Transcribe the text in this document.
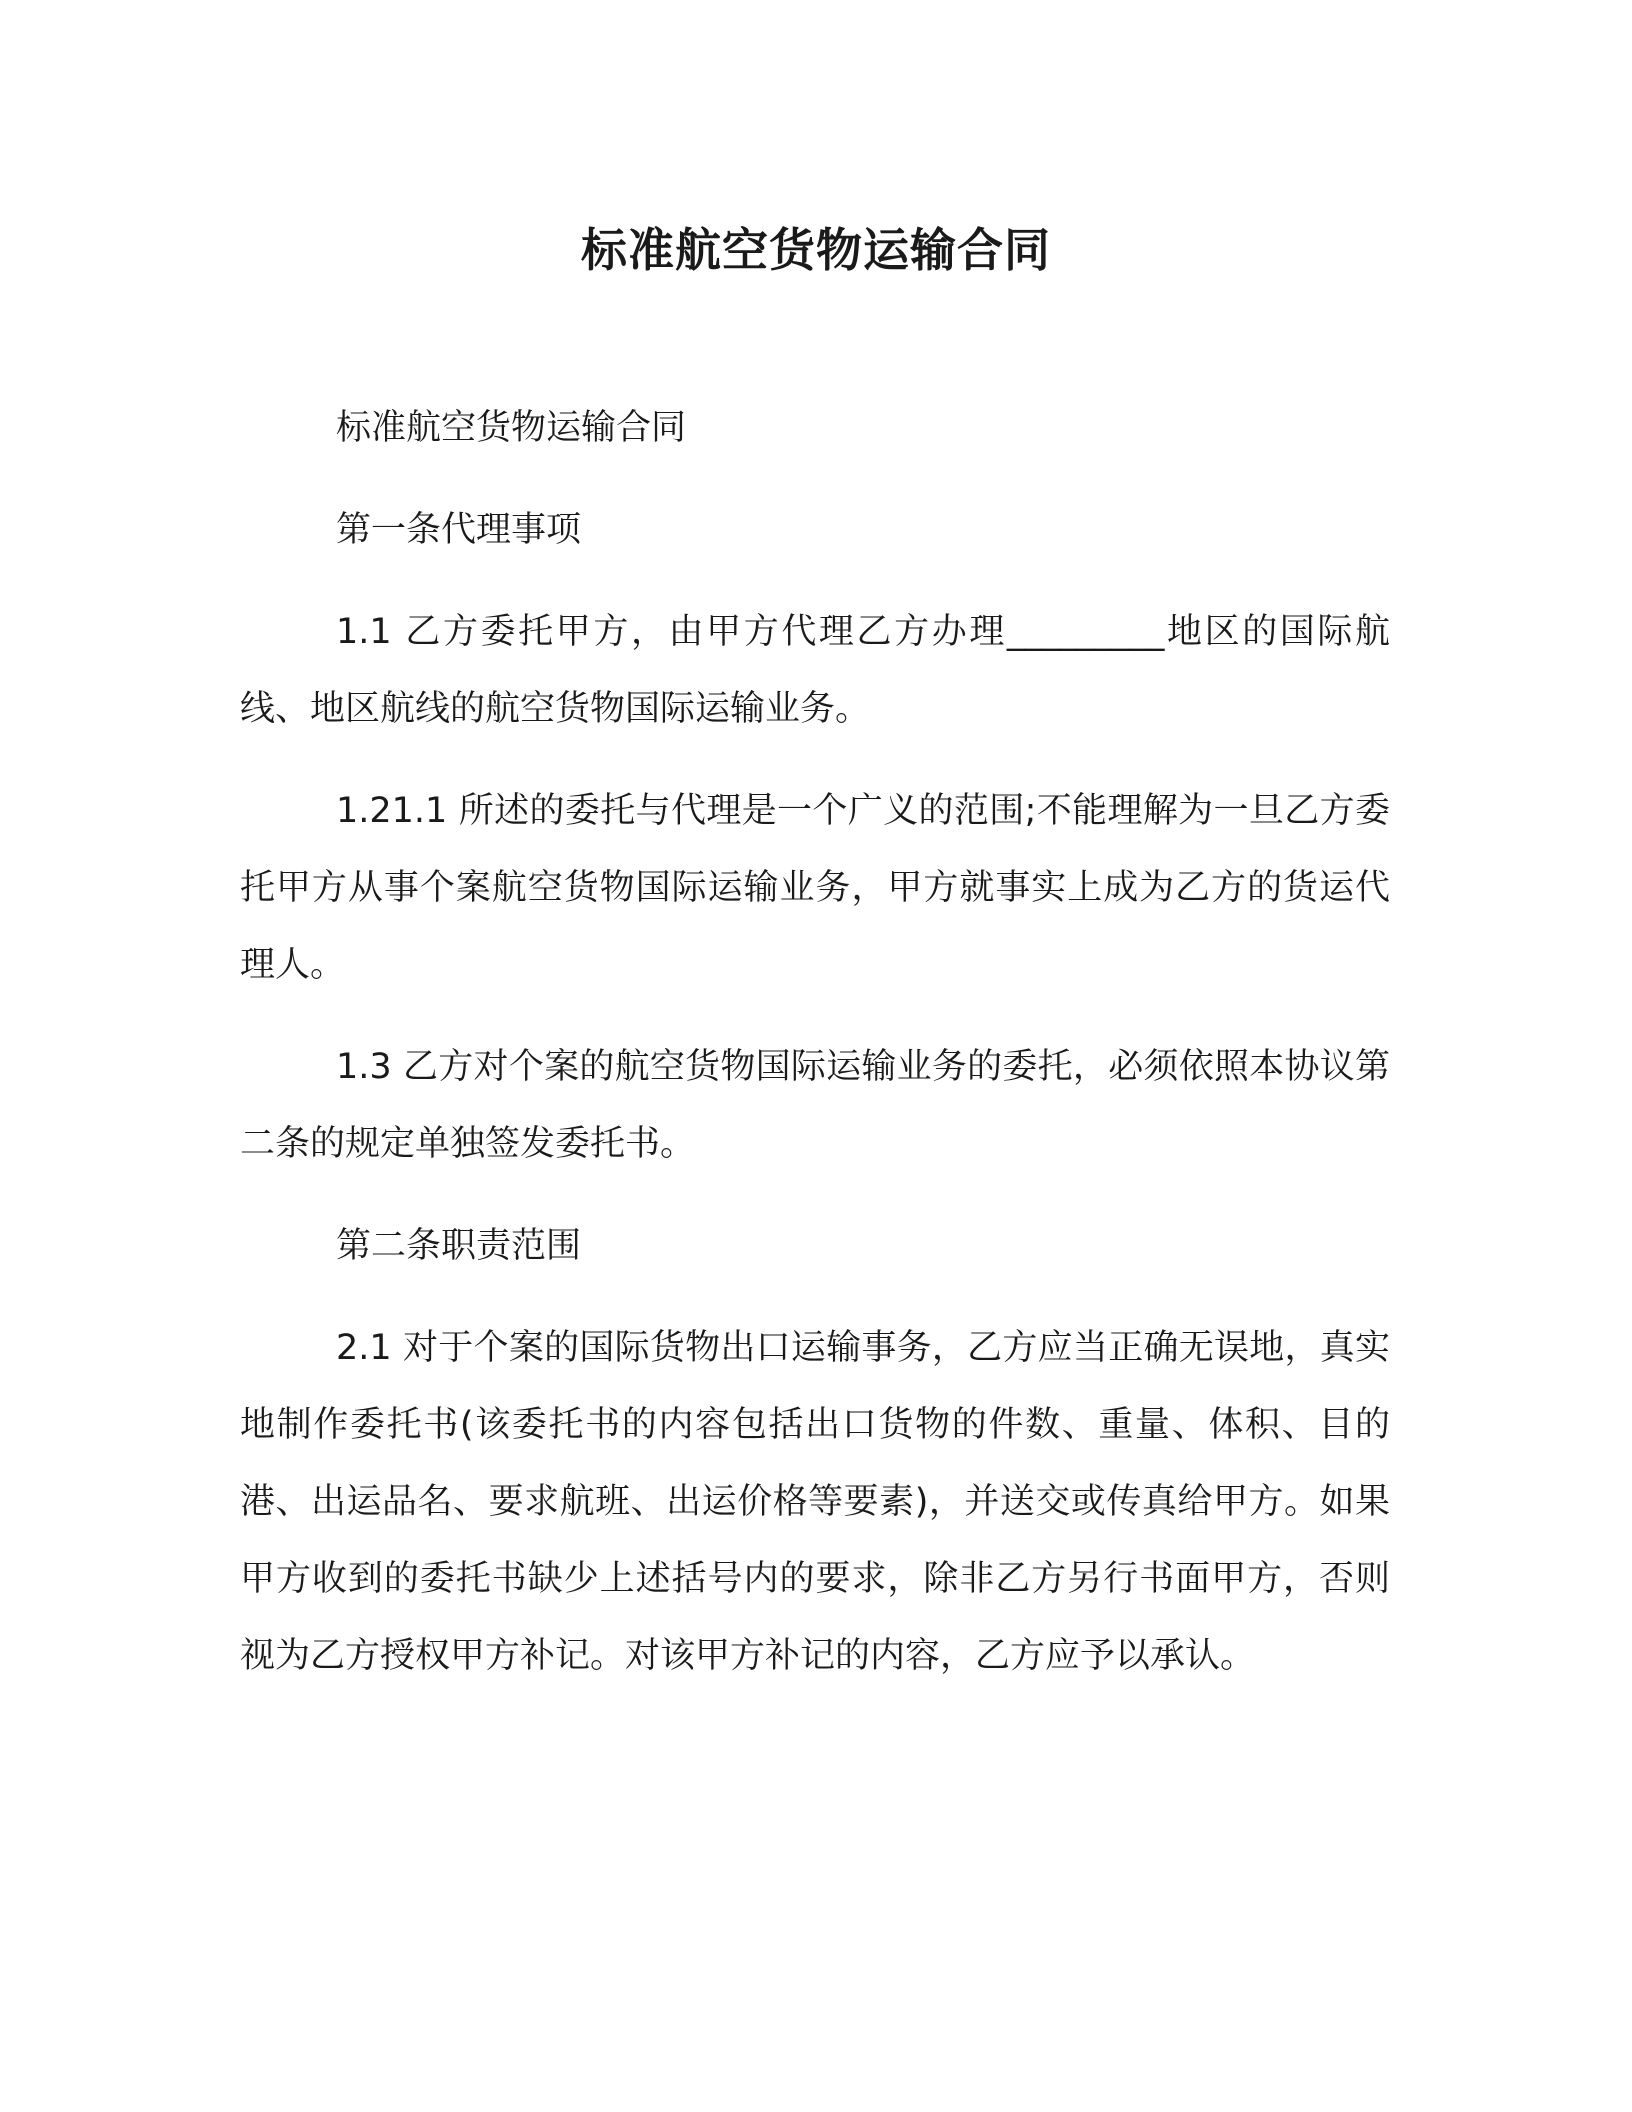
标准航空货物运输合同

标准航空货物运输合同

第一条代理事项

1.1 乙方委托甲方，由甲方代理乙方办理_________地区的国际航线、地区航线的航空货物国际运输业务。

1.21.1 所述的委托与代理是一个广义的范围;不能理解为一旦乙方委托甲方从事个案航空货物国际运输业务，甲方就事实上成为乙方的货运代理人。

1.3 乙方对个案的航空货物国际运输业务的委托，必须依照本协议第二条的规定单独签发委托书。

第二条职责范围

2.1 对于个案的国际货物出口运输事务，乙方应当正确无误地，真实地制作委托书(该委托书的内容包括出口货物的件数、重量、体积、目的港、出运品名、要求航班、出运价格等要素)，并送交或传真给甲方。如果甲方收到的委托书缺少上述括号内的要求，除非乙方另行书面甲方，否则视为乙方授权甲方补记。对该甲方补记的内容，乙方应予以承认。
